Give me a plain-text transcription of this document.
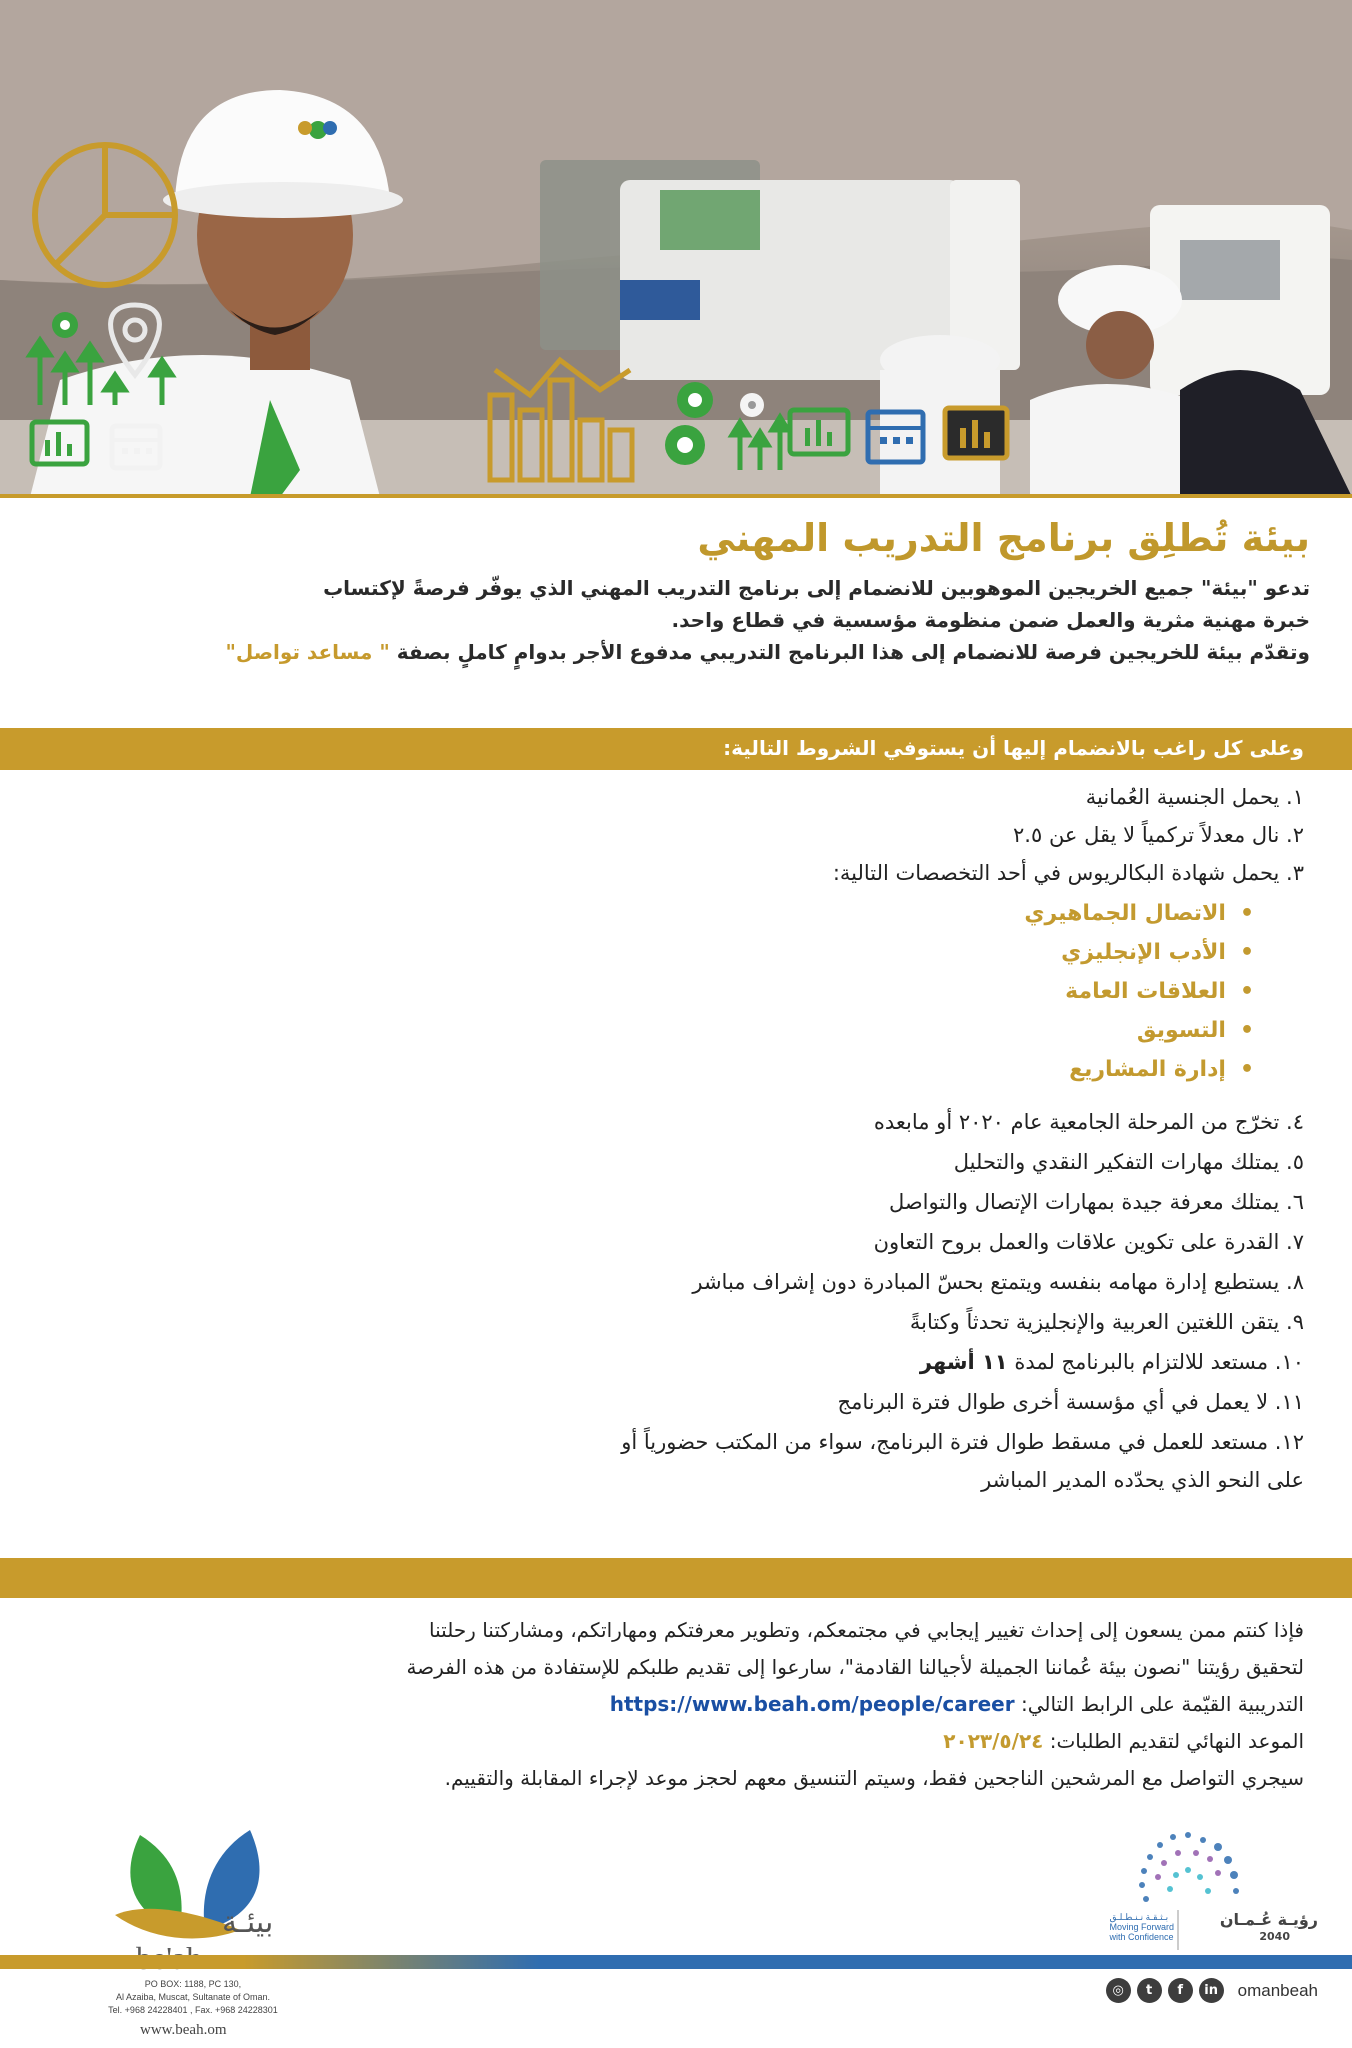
بيئة تُطلِق برنامج التدريب المهني
تدعو "بيئة" جميع الخريجين الموهوبين للانضمام إلى برنامج التدريب المهني الذي يوفّر فرصةً لإكتساب
خبرة مهنية مثرية والعمل ضمن منظومة مؤسسية في قطاع واحد.
وتقدّم بيئة للخريجين فرصة للانضمام إلى هذا البرنامج التدريبي مدفوع الأجر بدوامٍ كاملٍ بصفة " مساعد تواصل"
وعلى كل راغب بالانضمام إليها أن يستوفي الشروط التالية:
١. يحمل الجنسية العُمانية
٢. نال معدلاً تركمياً لا يقل عن ٢.٥
٣. يحمل شهادة البكالريوس في أحد التخصصات التالية:
• الاتصال الجماهيري
• الأدب الإنجليزي
• العلاقات العامة
• التسويق
• إدارة المشاريع
٤. تخرّج من المرحلة الجامعية عام ٢٠٢٠ أو مابعده
٥. يمتلك مهارات التفكير النقدي والتحليل
٦. يمتلك معرفة جيدة بمهارات الإتصال والتواصل
٧. القدرة على تكوين علاقات والعمل بروح التعاون
٨. يستطيع إدارة مهامه بنفسه ويتمتع بحسّ المبادرة دون إشراف مباشر
٩. يتقن اللغتين العربية والإنجليزية تحدثاً وكتابةً
١٠. مستعد للالتزام بالبرنامج لمدة ١١ أشهر
١١. لا يعمل في أي مؤسسة أخرى طوال فترة البرنامج
١٢. مستعد للعمل في مسقط طوال فترة البرنامج، سواء من المكتب حضورياً أو
على النحو الذي يحدّده المدير المباشر
فإذا كنتم ممن يسعون إلى إحداث تغيير إيجابي في مجتمعكم، وتطوير معرفتكم ومهاراتكم، ومشاركتنا رحلتنا
لتحقيق رؤيتنا "نصون بيئة عُماننا الجميلة لأجيالنا القادمة"، سارعوا إلى تقديم طلبكم للإستفادة من هذه الفرصة
التدريبية القيّمة على الرابط التالي: https://www.beah.om/people/career
الموعد النهائي لتقديم الطلبات: ٢٠٢٣/٥/٢٤
سيجري التواصل مع المرشحين الناجحين فقط، وسيتم التنسيق معهم لحجز موعد لإجراء المقابلة والتقييم.
بيئـة
PO BOX: 1188, PC 130,
Al Azaiba, Muscat, Sultanate of Oman.
Tel. +968 24228401 , Fax. +968 24228301
www.beah.om
رؤيـة عُـمـان
2040
بـثـقـة نـنـطـلـق
Moving Forward
with Confidence
◎	t	f	in	omanbeah
